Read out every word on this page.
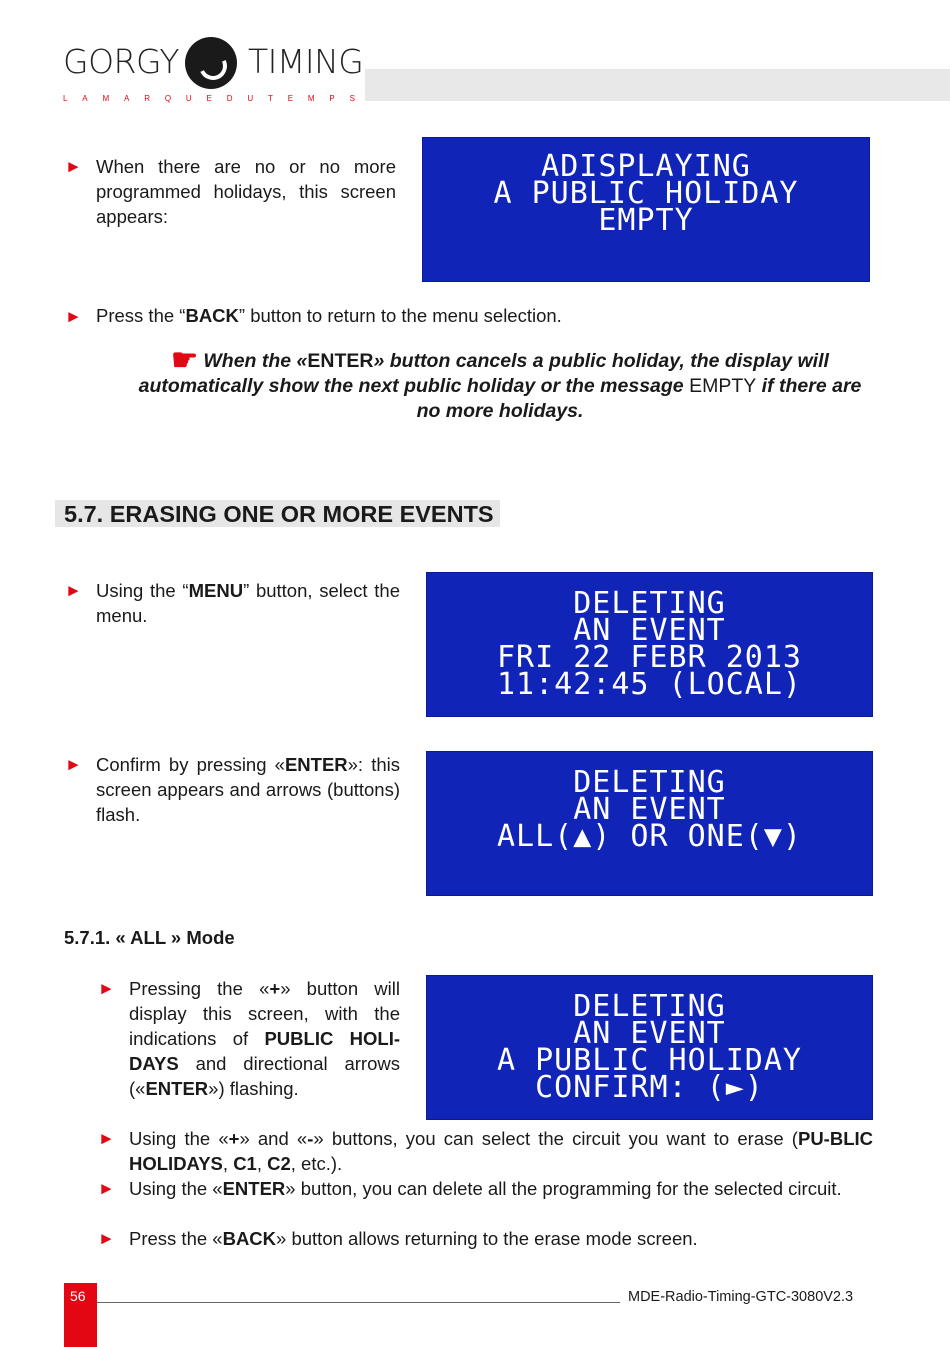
GORGY TIMING
L A M A R Q U E D U T E M P S
► When there are no or no more programmed holidays, this screen appears:
ADISPLAYING
A PUBLIC HOLIDAY
EMPTY
► Press the “BACK” button to return to the menu selection.
☛ When the «ENTER» button cancels a public holiday, the display will automatically show the next public holiday or the message EMPTY if there are no more holidays.
5.7. ERASING ONE OR MORE EVENTS
► Using the “MENU” button, select the menu.	DELETING
AN EVENT
FRI 22 FEBR 2013
11:42:45 (LOCAL)
► Confirm by pressing «ENTER»: this screen appears and arrows (buttons) flash.
DELETING
AN EVENT
ALL(▲) OR ONE(▼)
5.7.1. « ALL » Mode
► Pressing the «+» button will display this screen, with the indications of PUBLIC HOLI-DAYS and directional arrows («ENTER») flashing.
DELETING
AN EVENT
A PUBLIC HOLIDAY
CONFIRM: (►)
► Using the «+» and «-» buttons, you can select the circuit you want to erase (PU-BLIC HOLIDAYS, C1, C2, etc.).
► Using the «ENTER» button, you can delete all the programming for the selected circuit.
► Press the «BACK» button allows returning to the erase mode screen.
56	MDE-Radio-Timing-GTC-3080V2.3
